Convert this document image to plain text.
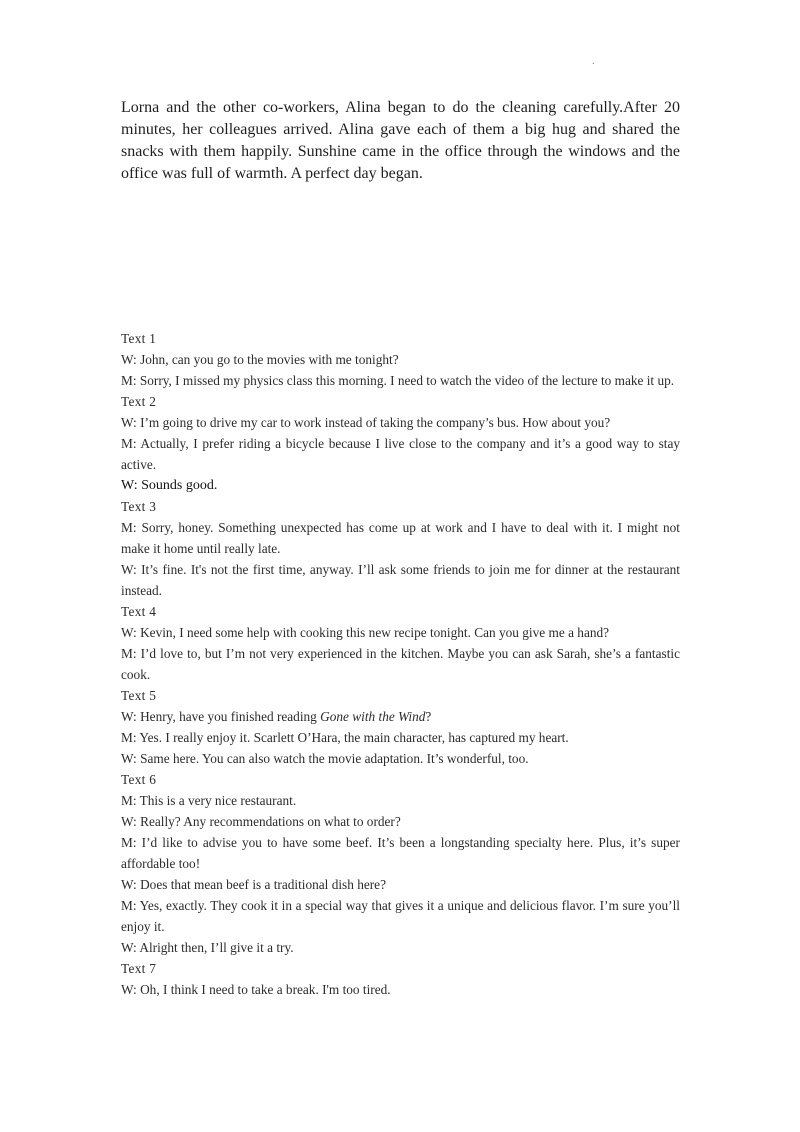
.

Lorna and the other co-workers, Alina began to do the cleaning carefully.After 20 minutes, her colleagues arrived. Alina gave each of them a big hug and shared the snacks with them happily. Sunshine came in the office through the windows and the office was full of warmth. A perfect day began.

Text 1

W: John, can you go to the movies with me tonight?

M: Sorry, I missed my physics class this morning. I need to watch the video of the lecture to make it up.

Text 2

W: I’m going to drive my car to work instead of taking the company’s bus. How about you?

M: Actually, I prefer riding a bicycle because I live close to the company and it’s a good way to stay active.

W: Sounds good.

Text 3

M: Sorry, honey. Something unexpected has come up at work and I have to deal with it. I might not make it home until really late.

W: It’s fine. It's not the first time, anyway. I’ll ask some friends to join me for dinner at the restaurant instead.

Text 4

W: Kevin, I need some help with cooking this new recipe tonight. Can you give me a hand?

M: I’d love to, but I’m not very experienced in the kitchen. Maybe you can ask Sarah, she’s a fantastic cook.

Text 5

W: Henry, have you finished reading Gone with the Wind?

M: Yes. I really enjoy it. Scarlett O’Hara, the main character, has captured my heart.

W: Same here. You can also watch the movie adaptation. It’s wonderful, too.

Text 6

M: This is a very nice restaurant.

W: Really? Any recommendations on what to order?

M: I’d like to advise you to have some beef. It’s been a longstanding specialty here. Plus, it’s super affordable too!

W: Does that mean beef is a traditional dish here?

M: Yes, exactly. They cook it in a special way that gives it a unique and delicious flavor. I’m sure you’ll enjoy it.

W: Alright then, I’ll give it a try.

Text 7

W: Oh, I think I need to take a break. I'm too tired.
